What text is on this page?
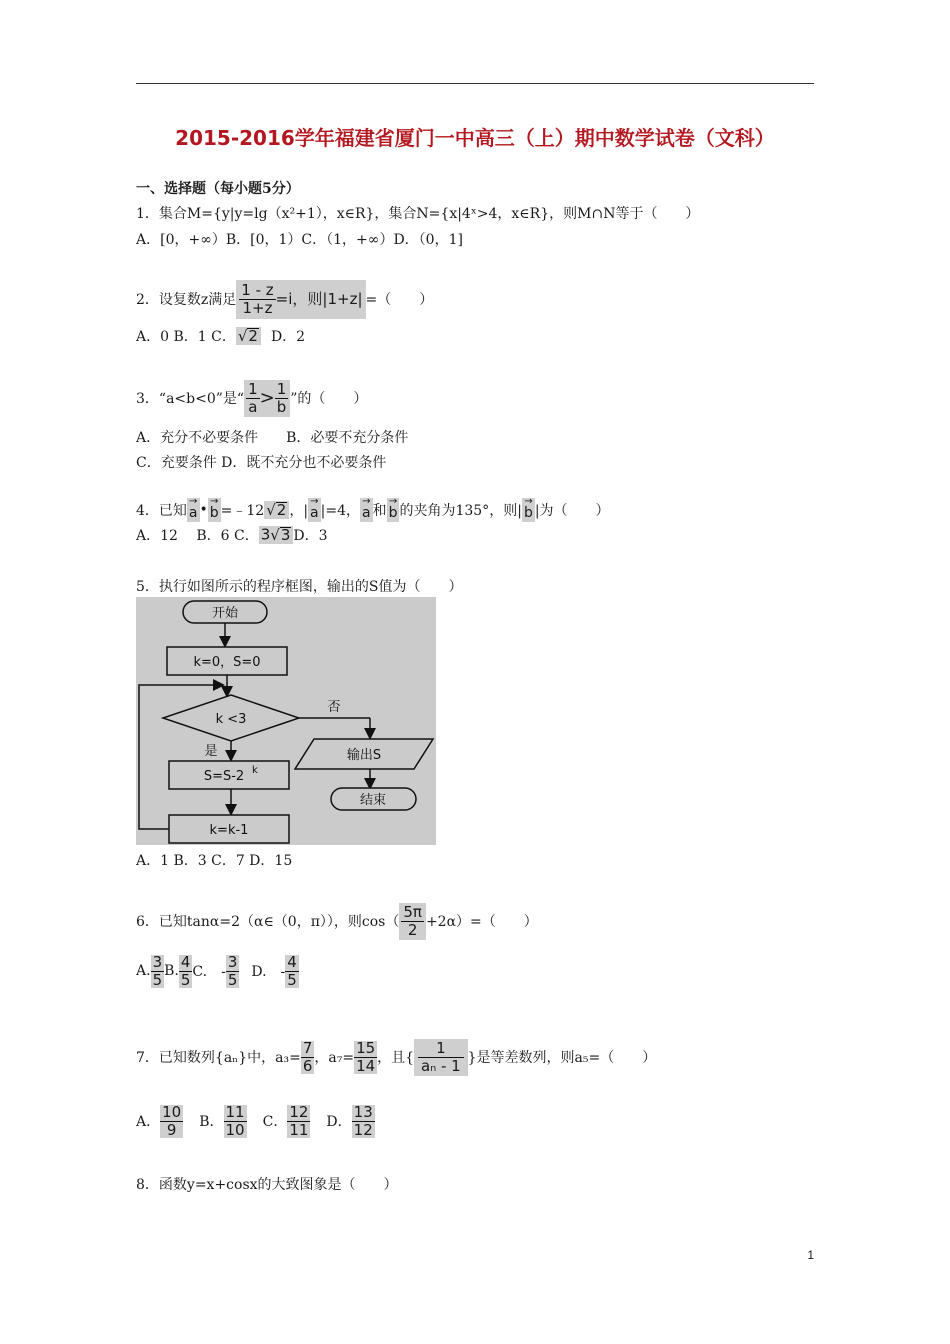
2015-2016学年福建省厦门一中高三（上）期中数学试卷（文科）
一、选择题（每小题5分）
1．集合M={y|y=lg（x²+1），x∈R}，集合N={x|4ˣ>4，x∈R}，则M∩N等于（　　）
A．[0，+∞）B．[0，1）C．（1，+∞）D．（0，1]
2．设复数z满足 $\frac{1 - z}{1+z} =i$，则|1+z| =（　　）
A．0 B．1 C． √2 D．2
3．“a<b<0”是“ $\frac{1}{a} > \frac{1}{b}$ ”的（　　）
A．充分不必要条件　　B．必要不充分条件
C．充要条件 D．既不充分也不必要条件
4．已知
→
a •
→
b =﹣12 √2 ，|
→
a |=4，
→
a 和
→
b 的夹角为135°，则|
→
b |为（　　）
A．12　 B．6 C． 3√3 D．3
5．执行如图所示的程序框图，输出的S值为（　　）
开始
k=0，S=0
k <3
否
输出S
结束
是
S=S-2 k
k=k-1
A．1 B．3 C．7 D．15
6．已知tanα=2（α∈（0，π）），则$\cos( \frac{5\pi}{2} +2\alpha)=$（　　）
A. $\frac{3}{5} B$. $\frac{4}{5} C$.　- $\frac{3}{5} D$.　- $\frac{4}{5}$
7．已知数列{aₙ}中，$a_3= \frac{7}{6}$ ，$a_7= \frac{15}{14}$ ，且{ $\frac{1}{\text{aₙ - 1}}$ }是等差数列，则a₅=（　　）
A． $\frac{10}{9}$ B． $\frac{11}{10}$ C． $\frac{12}{11}$ D． $\frac{13}{12}$
8．函数y=x+cosx的大致图象是（　　）
1
